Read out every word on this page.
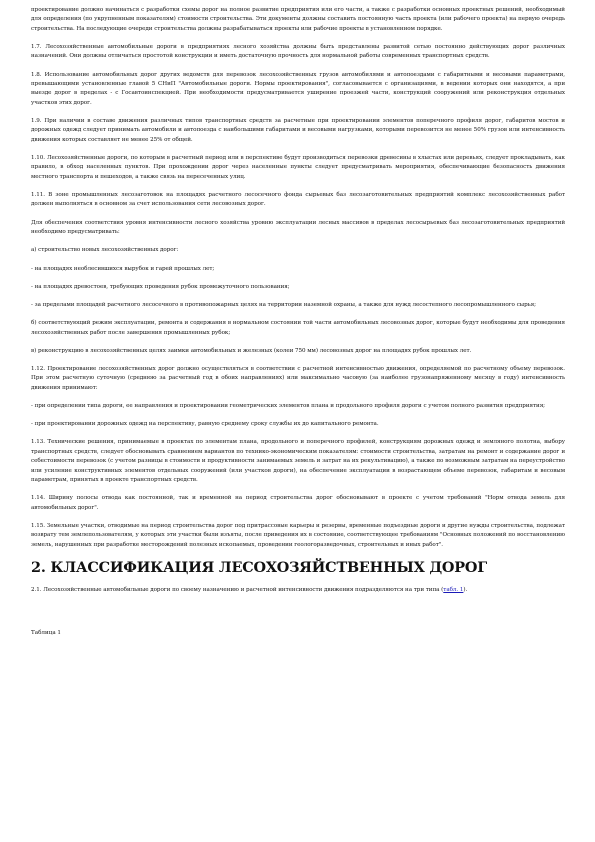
проектирование должно начинаться с разработки схемы дорог на полное развитие предприятия или его части, а также с разработки основных проектных решений, необходимый для определения (по укрупненным показателям) стоимости строительства. Эти документы должны составить постоянную часть проекта (или рабочего проекта) на первую очередь строительства. На последующие очереди строительства должны разрабатываться проекты или рабочие проекты в установленном порядке.

1.7. Лесохозяйственные автомобильные дороги в предприятиях лесного хозяйства должны быть представлены развитой сетью постоянно действующих дорог различных назначений. Они должны отличаться простотой конструкции и иметь достаточную прочность для нормальной работы современных транспортных средств.

1.8. Использование автомобильных дорог других ведомств для перевозок лесохозяйственных грузов автомобилями и автопоездами с габаритными и весовыми параметрами, превышающими установленные главой 5 СНиП "Автомобильные дороги. Нормы проектирования", согласовывается с организациями, в ведении которых они находятся, а при выезде дорог в пределах - с Госавтоинспекцией. При необходимости предусматривается уширение проезжей части, конструкций сооружений или реконструкция отдельных участков этих дорог.

1.9. При наличии в составе движения различных типов транспортных средств за расчетные при проектировании элементов поперечного профиля дорог, габаритов мостов и дорожных одежд следует принимать автомобили и автопоезда с наибольшими габаритами и весовыми нагрузками, которыми перевозится не менее 50% грузов или интенсивность движения которых составляет не менее 25% от общей.

1.10. Лесохозяйственные дороги, по которым в расчетный период или в перспективе будут производиться перевозки древесины в хлыстах или деревьях, следует прокладывать, как правило, в обход населенных пунктов. При прохождении дорог через населенные пункты следует предусматривать мероприятия, обеспечивающие безопасность движения местного транспорта и пешеходов, а также связь на пересеченных улиц.

1.11. В зоне промышленных лесозаготовок на площадях расчетного лесосечного фонда сырьевых баз лесозаготовительных предприятий комплекс лесохозяйственных работ должен выполняться в основном за счет использования сети лесовозных дорог.

Для обеспечения соответствия уровня интенсивности лесного хозяйства уровню эксплуатации лесных массивов в пределах лесосырьевых баз лесозаготовительных предприятий необходимо предусматривать:

а) строительство новых лесохозяйственных дорог:

- на площадях необлесившихся вырубок и гарей прошлых лет;

- на площадях древостоев, требующих проведения рубок промежуточного пользования;

- за пределами площадей расчетного лесосечного в противопожарных целях на территории наземной охраны, а также для нужд лесостепного лесопромышленного сырья;

б) соответствующий режим эксплуатации, ремонта и содержания в нормальном состоянии той части автомобильных лесовозных дорог, которые будут необходимы для проведения лесохозяйственных работ после завершения промышленных рубок;

в) реконструкцию в лесохозяйственных целях заимки автомобильных и железных (колеи 750 мм) лесовозных дорог на площадях рубок прошлых лет.

1.12. Проектирование лесохозяйственных дорог должно осуществляться в соответствии с расчетной интенсивностью движения, определяемой по расчетному объему перевозок. При этом расчетную суточную (среднюю за расчетный год в обоих направлениях) или максимально часовую (за наиболее грузонапряженному месяцу в году) интенсивность движения принимают:

- при определении типа дороги, ее направления и проектировании геометрических элементов плана и продольного профиля дороги с учетом полного развития предприятия;

- при проектировании дорожных одежд на перспективу, равную среднему сроку службы их до капитального ремонта.

1.13. Технические решения, принимаемые в проектах по элементам плана, продольного и поперечного профилей, конструкциям дорожных одежд и земляного полотна, выбору транспортных средств, следует обосновывать сравнением вариантов по технико-экономическим показателям: стоимости строительства, затратам на ремонт и содержание дорог и себестоимости перевозок (с учетом разницы в стоимости и продуктивности занимаемых земель и затрат на их рекультивацию), а также по возможным затратам на переустройство или усиление конструктивных элементов отдельных сооружений (или участков дороги), на обеспечение эксплуатации в возрастающем объеме перевозок, габаритам и весовым параметрам, принятых в проекте транспортных средств.

1.14. Ширину полосы отвода как постоянной, так и временной на период строительства дорог обосновывают в проекте с учетом требований "Норм отвода земель для автомобильных дорог".

1.15. Земельные участки, отводимые на период строительства дорог под притрассовые карьеры и резервы, временные подъездные дороги и другие нужды строительства, подлежат возврату тем землепользователям, у которых эти участки были изъяты, после приведения их в состояние, соответствующее требованиям "Основных положений по восстановлению земель, нарушенных при разработке месторождений полезных ископаемых, проведении геологоразведочных, строительных и иных работ".

2. КЛАССИФИКАЦИЯ ЛЕСОХОЗЯЙСТВЕННЫХ ДОРОГ

2.1. Лесохозяйственные автомобильные дороги по своему назначению и расчетной интенсивности движения подразделяются на три типа (табл. 1).

Таблица 1
